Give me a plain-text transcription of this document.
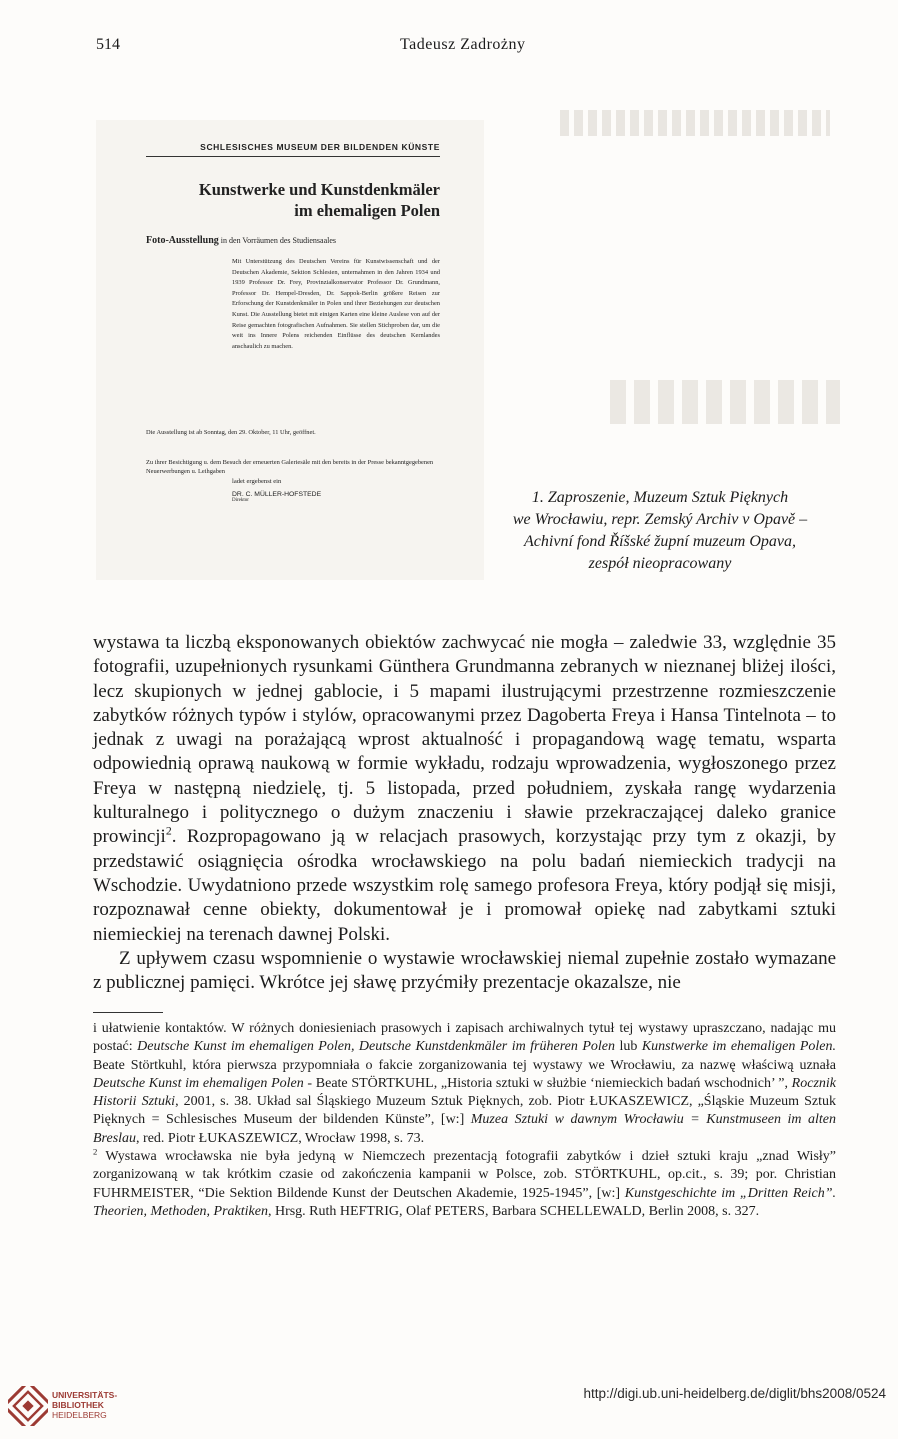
514	Tadeusz Zadrożny
SCHLESISCHES MUSEUM DER BILDENDEN KÜNSTE
Kunstwerke und Kunstdenkmäler
im ehemaligen Polen
Foto-Ausstellung in den Vorräumen des Studiensaales
Mit Unterstützung des Deutschen Vereins für Kunstwissenschaft und der Deutschen Akademie, Sektion Schlesien, unternahmen in den Jahren 1934 und 1939 Professor Dr. Frey, Provinzialkonservator Professor Dr. Grundmann, Professor Dr. Hempel-Dresden, Dr. Sappok-Berlin größere Reisen zur Erforschung der Kunstdenkmäler in Polen und ihrer Beziehungen zur deutschen Kunst. Die Ausstellung bietet mit einigen Karten eine kleine Auslese von auf der Reise gemachten fotografischen Aufnahmen. Sie stellen Stichproben dar, um die weit ins Innere Polens reichenden Einflüsse des deutschen Kernlandes anschaulich zu machen.
Die Ausstellung ist ab Sonntag, den 29. Oktober, 11 Uhr, geöffnet.
Zu ihrer Besichtigung u. dem Besuch der erneuerten Galeriesäle mit den bereits in der Presse bekanntgegebenen Neuerwerbungen u. Leihgaben
ladet ergebenst ein
DR. C. MÜLLER-HOFSTEDE
Direktor	1. Zaproszenie, Muzeum Sztuk Pięknych
we Wrocławiu, repr. Zemský Archiv v Opavě –
Achivní fond Říšské župní muzeum Opava,
zespół nieopracowany

wystawa ta liczbą eksponowanych obiektów zachwycać nie mogła – zaledwie 33, względnie 35 fotografii, uzupełnionych rysunkami Günthera Grundmanna zebranych w nieznanej bliżej ilości, lecz skupionych w jednej gablocie, i 5 mapami ilustrującymi przestrzenne rozmieszczenie zabytków różnych typów i stylów, opracowanymi przez Dagoberta Freya i Hansa Tintelnota – to jednak z uwagi na porażającą wprost aktualność i propagandową wagę tematu, wsparta odpowiednią oprawą naukową w formie wykładu, rodzaju wprowadzenia, wygłoszonego przez Freya w następną niedzielę, tj. 5 listopada, przed południem, zyskała rangę wydarzenia kulturalnego i politycznego o dużym znaczeniu i sławie przekraczającej daleko granice prowincji$^2$. Rozpropagowano ją w relacjach prasowych, korzystając przy tym z okazji, by przedstawić osiągnięcia ośrodka wrocławskiego na polu badań niemieckich tradycji na Wschodzie. Uwydatniono przede wszystkim rolę samego profesora Freya, który podjął się misji, rozpoznawał cenne obiekty, dokumentował je i promował opiekę nad zabytkami sztuki niemieckiej na terenach dawnej Polski.

Z upływem czasu wspomnienie o wystawie wrocławskiej niemal zupełnie zostało wymazane z publicznej pamięci. Wkrótce jej sławę przyćmiły prezentacje okazalsze, nie

i ułatwienie kontaktów. W różnych doniesieniach prasowych i zapisach archiwalnych tytuł tej wystawy upraszczano, nadając mu postać: Deutsche Kunst im ehemaligen Polen, Deutsche Kunstdenkmäler im früheren Polen lub Kunstwerke im ehemaligen Polen. Beate Störtkuhl, która pierwsza przypomniała o fakcie zorganizowania tej wystawy we Wrocławiu, za nazwę właściwą uznała Deutsche Kunst im ehemaligen Polen - Beate STÖRTKUHL, „Historia sztuki w służbie ‘niemieckich badań wschodnich’ ”, Rocznik Historii Sztuki, 2001, s. 38. Układ sal Śląskiego Muzeum Sztuk Pięknych, zob. Piotr ŁUKASZEWICZ, „Śląskie Muzeum Sztuk Pięknych = Schlesisches Museum der bildenden Künste”, [w:] Muzea Sztuki w dawnym Wrocławiu = Kunstmuseen im alten Breslau, red. Piotr ŁUKASZEWICZ, Wrocław 1998, s. 73.

$^2$ Wystawa wrocławska nie była jedyną w Niemczech prezentacją fotografii zabytków i dzieł sztuki kraju „znad Wisły” zorganizowaną w tak krótkim czasie od zakończenia kampanii w Polsce, zob. STÖRTKUHL, op.cit., s. 39; por. Christian FUHRMEISTER, “Die Sektion Bildende Kunst der Deutschen Akademie, 1925-1945”, [w:] Kunstgeschichte im „Dritten Reich”. Theorien, Methoden, Praktiken, Hrsg. Ruth HEFTRIG, Olaf PETERS, Barbara SCHELLEWALD, Berlin 2008, s. 327.

UNIVERSITÄTS-
BIBLIOTHEK
HEIDELBERG
http://digi.ub.uni-heidelberg.de/diglit/bhs2008/0524
